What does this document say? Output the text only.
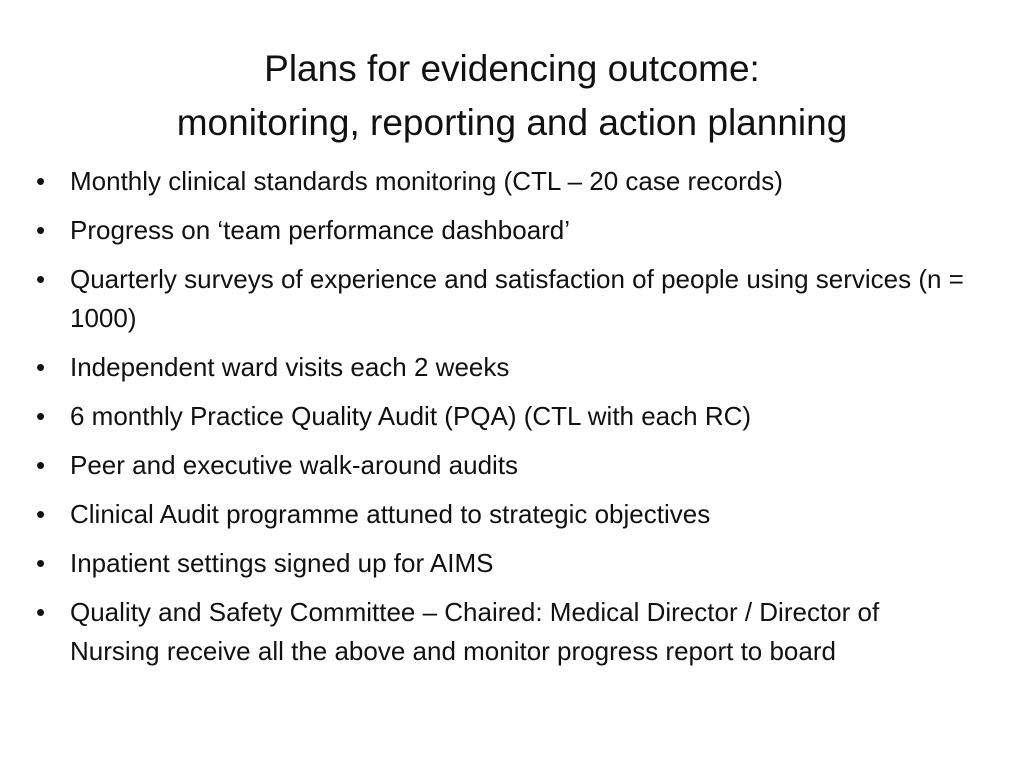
Plans for evidencing outcome:
monitoring, reporting and action planning
• Monthly clinical standards monitoring (CTL – 20 case records)
• Progress on ‘team performance dashboard’
• Quarterly surveys of experience and satisfaction of people using services (n = 1000)
• Independent ward visits each 2 weeks
• 6 monthly Practice Quality Audit (PQA) (CTL with each RC)
• Peer and executive walk-around audits
• Clinical Audit programme attuned to strategic objectives
• Inpatient settings signed up for AIMS
• Quality and Safety Committee – Chaired: Medical Director / Director of Nursing receive all the above and monitor progress report to board
